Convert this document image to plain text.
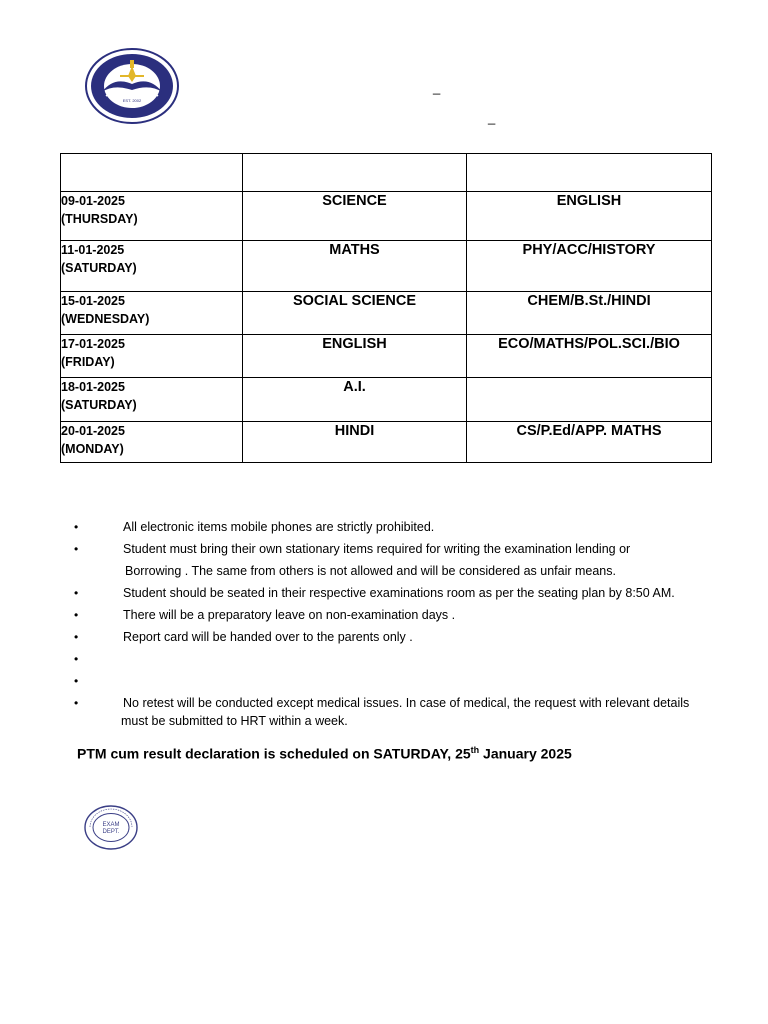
EST. 2002
_
_

09-01-2025
(THURSDAY)	SCIENCE	ENGLISH

11-01-2025
(SATURDAY)	MATHS	PHY/ACC/HISTORY

15-01-2025
(WEDNESDAY)	SOCIAL SCIENCE	CHEM/B.St./HINDI

17-01-2025
(FRIDAY)	ENGLISH	ECO/MATHS/POL.SCI./BIO

18-01-2025
(SATURDAY)	A.I.	

20-01-2025
(MONDAY)	HINDI	CS/P.Ed/APP. MATHS
•	All electronic items mobile phones are strictly prohibited.
•	Student must bring their own stationary items required for writing the examination lending or
Borrowing . The same from others is not allowed and will be considered as unfair means.
•	Student should be seated in their respective examinations room as per the seating plan by 8:50 AM.
•	There will be a preparatory leave on non-examination days .
•	Report card will be handed over to the parents only .
•
•
•	No retest will be conducted except medical issues. In case of medical, the request with relevant details
must be submitted to HRT within a week.
PTM cum result declaration is scheduled on SATURDAY, 25th January 2025
EXAM
DEPT.
